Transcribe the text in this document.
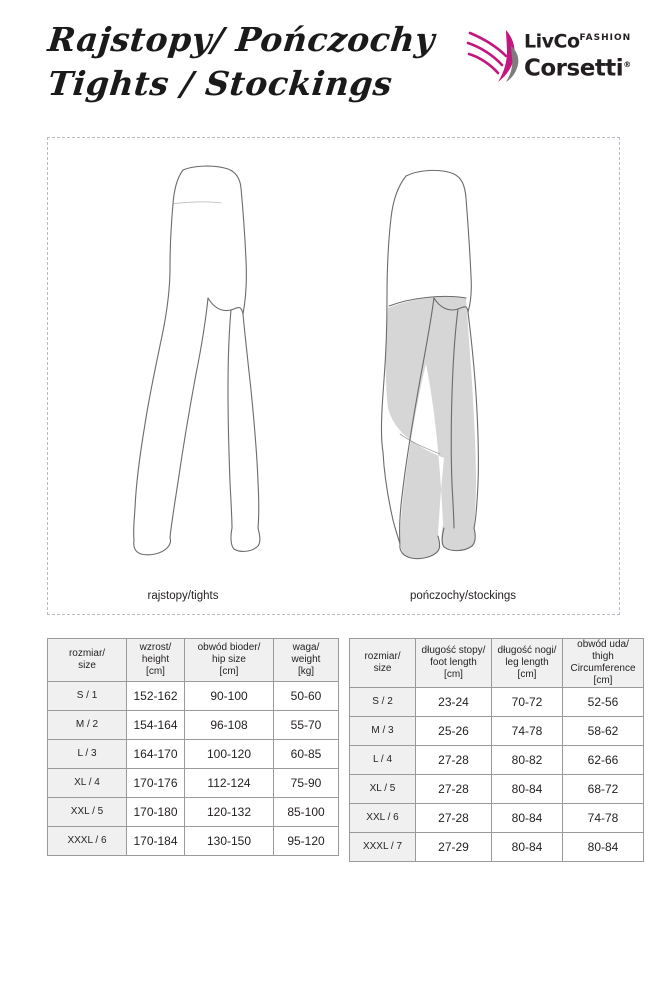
Rajstopy/ Pończochy
Tights / Stockings
LivCo$^{FASHION}$
Corsetti®
rajstopy/tights	pończochy/stockings
rozmiar/
size	wzrost/
height
[cm]	obwód bioder/
hip size
[cm]	waga/
weight
[kg]

S / 1	152-162	90-100	50-60
M / 2	154-164	96-108	55-70
L / 3	164-170	100-120	60-85
XL / 4	170-176	112-124	75-90
XXL / 5	170-180	120-132	85-100
XXXL / 6	170-184	130-150	95-120
rozmiar/
size	długość stopy/
foot length
[cm]	długość nogi/
leg length
[cm]	obwód uda/
thigh Circumference
[cm]

S / 2	23-24	70-72	52-56
M / 3	25-26	74-78	58-62
L / 4	27-28	80-82	62-66
XL / 5	27-28	80-84	68-72
XXL / 6	27-28	80-84	74-78
XXXL / 7	27-29	80-84	80-84
